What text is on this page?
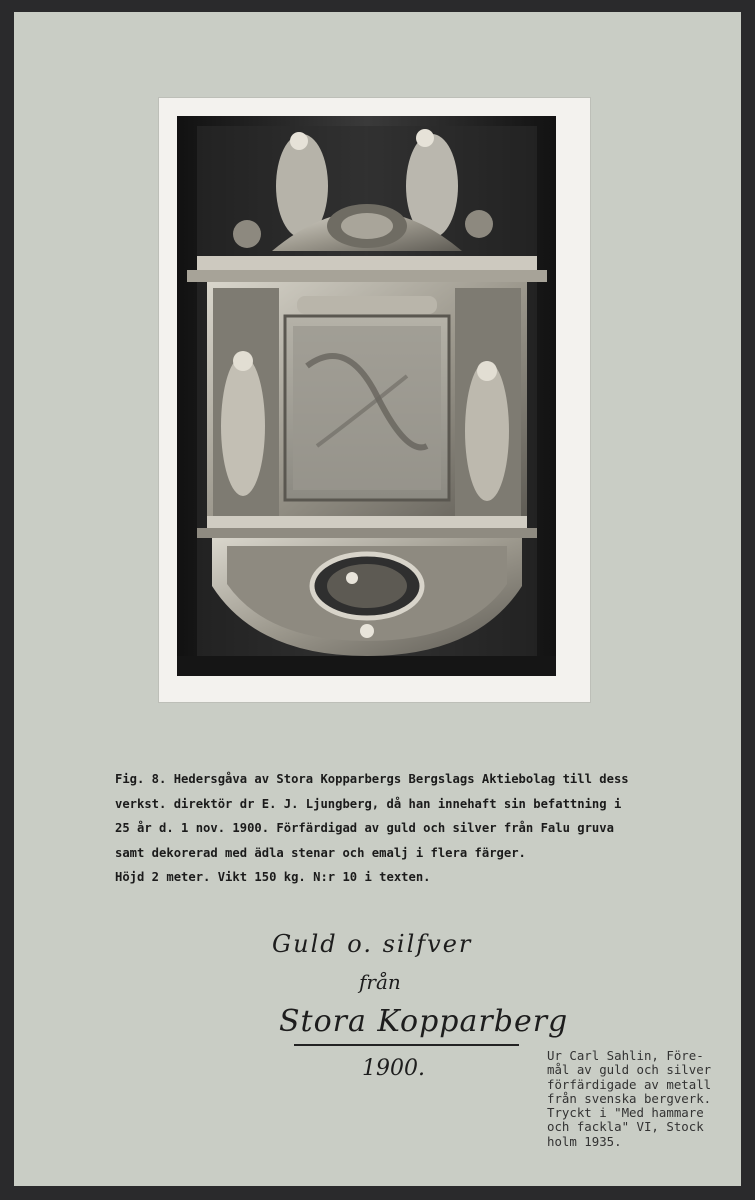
Fig. 8. Hedersgåva av Stora Kopparbergs Bergslags Aktiebolag till dess
verkst. direktör dr E. J. Ljungberg, då han innehaft sin befattning i
25 år d. 1 nov. 1900. Förfärdigad av guld och silver från Falu gruva
samt dekorerad med ädla stenar och emalj i flera färger.
Höjd 2 meter. Vikt 150 kg. N:r 10 i texten.
Guld o. silfver
från
Stora Kopparberg
1900.
Ur Carl Sahlin, Före-
mål av guld och silver
förfärdigade av metall
från svenska bergverk.
Tryckt i "Med hammare
och fackla" VI, Stock
holm 1935.
